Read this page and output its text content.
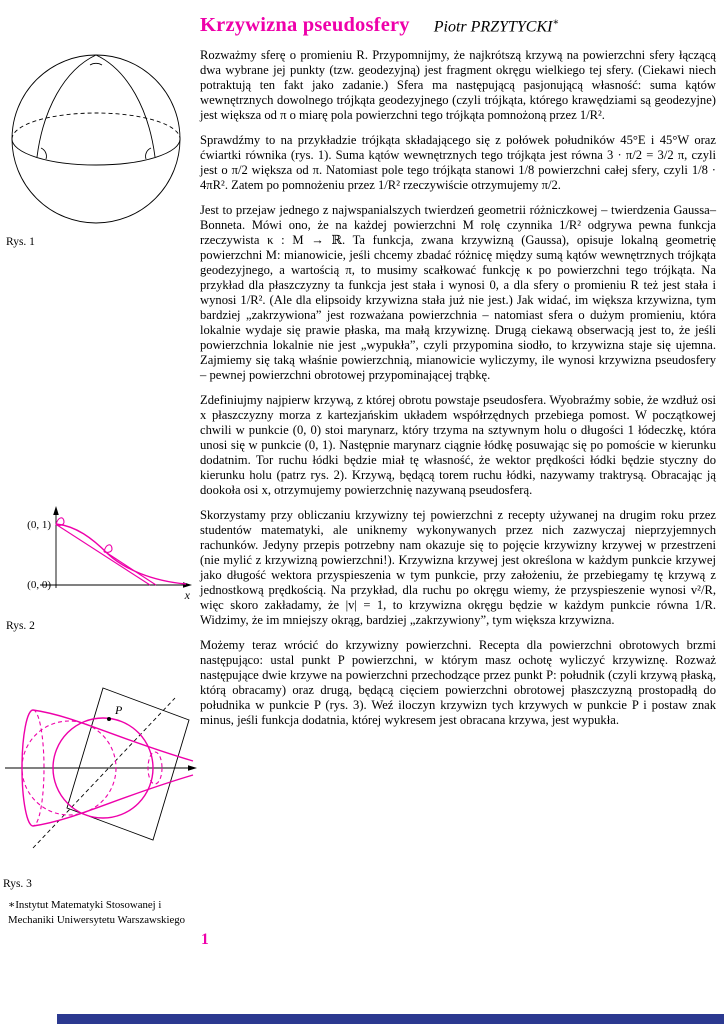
Rys. 1
(0, 1)
(0, 0)
x
Rys. 2
P
Rys. 3
Krzywizna pseudosfery Piotr PRZYTYCKI∗

Rozważmy sferę o promieniu R. Przypomnijmy, że najkrótszą krzywą na powierzchni sfery łączącą dwa wybrane jej punkty (tzw. geodezyjną) jest fragment okręgu wielkiego tej sfery. (Ciekawi niech potraktują ten fakt jako zadanie.) Sfera ma następującą pasjonującą własność: suma kątów wewnętrznych dowolnego trójkąta geodezyjnego (czyli trójkąta, którego krawędziami są geodezyjne) jest większa od π o miarę pola powierzchni tego trójkąta pomnożoną przez 1/R².

Sprawdźmy to na przykładzie trójkąta składającego się z połówek południków 45°E i 45°W oraz ćwiartki równika (rys. 1). Suma kątów wewnętrznych tego trójkąta jest równa 3 · π/2 = 3/2 π, czyli jest o π/2 większa od π. Natomiast pole tego trójkąta stanowi 1/8 powierzchni całej sfery, czyli 1/8 · 4πR². Zatem po pomnożeniu przez 1/R² rzeczywiście otrzymujemy π/2.

Jest to przejaw jednego z najwspanialszych twierdzeń geometrii różniczkowej – twierdzenia Gaussa–Bonneta. Mówi ono, że na każdej powierzchni M rolę czynnika 1/R² odgrywa pewna funkcja rzeczywista κ : M → ℝ. Ta funkcja, zwana krzywizną (Gaussa), opisuje lokalną geometrię powierzchni M: mianowicie, jeśli chcemy zbadać różnicę między sumą kątów wewnętrznych trójkąta geodezyjnego, a wartością π, to musimy scałkować funkcję κ po powierzchni tego trójkąta. Na przykład dla płaszczyzny ta funkcja jest stała i wynosi 0, a dla sfery o promieniu R też jest stała i wynosi 1/R². (Ale dla elipsoidy krzywizna stała już nie jest.) Jak widać, im większa krzywizna, tym bardziej „zakrzywiona” jest rozważana powierzchnia – natomiast sfera o dużym promieniu, która lokalnie wydaje się prawie płaska, ma małą krzywiznę. Drugą ciekawą obserwacją jest to, że jeśli powierzchnia lokalnie nie jest „wypukła”, czyli przypomina siodło, to krzywizna staje się ujemna. Zajmiemy się taką właśnie powierzchnią, mianowicie wyliczymy, ile wynosi krzywizna pseudosfery – pewnej powierzchni obrotowej przypominającej trąbkę.

Zdefiniujmy najpierw krzywą, z której obrotu powstaje pseudosfera. Wyobraźmy sobie, że wzdłuż osi x płaszczyzny morza z kartezjańskim układem współrzędnych przebiega pomost. W początkowej chwili w punkcie (0, 0) stoi marynarz, który trzyma na sztywnym holu o długości 1 łódeczkę, która unosi się w punkcie (0, 1). Następnie marynarz ciągnie łódkę posuwając się po pomoście w kierunku dodatnim. Tor ruchu łódki będzie miał tę własność, że wektor prędkości łódki będzie styczny do kierunku holu (patrz rys. 2). Krzywą, będącą torem ruchu łódki, nazywamy traktrysą. Obracając ją dookoła osi x, otrzymujemy powierzchnię nazywaną pseudosferą.

Skorzystamy przy obliczaniu krzywizny tej powierzchni z recepty używanej na drugim roku przez studentów matematyki, ale uniknemy wykonywanych przez nich zazwyczaj nieprzyjemnych rachunków. Jedyny przepis potrzebny nam okazuje się to pojęcie krzywizny krzywej w przestrzeni (nie mylić z krzywizną powierzchni!). Krzywizna krzywej jest określona w każdym punkcie krzywej jako długość wektora przyspieszenia w tym punkcie, przy założeniu, że przebiegamy tę krzywą z jednostkową prędkością. Na przykład, dla ruchu po okręgu wiemy, że przyspieszenie wynosi v²/R, więc skoro zakładamy, że |v| = 1, to krzywizna okręgu będzie w każdym punkcie równa 1/R. Widzimy, że im mniejszy okrąg, bardziej „zakrzywiony”, tym większa krzywizna.

Możemy teraz wrócić do krzywizny powierzchni. Recepta dla powierzchni obrotowych brzmi następująco: ustal punkt P powierzchni, w którym masz ochotę wyliczyć krzywiznę. Rozważ następujące dwie krzywe na powierzchni przechodzące przez punkt P: południk (czyli krzywą płaską, którą obracamy) oraz drugą, będącą cięciem powierzchni obrotowej płaszczyzną prostopadłą do południka w punkcie P (rys. 3). Weź iloczyn krzywizn tych krzywych w punkcie P i postaw znak minus, jeśli funkcja dodatnia, której wykresem jest obracana krzywa, jest wypukła.

∗Instytut Matematyki Stosowanej i Mechaniki Uniwersytetu Warszawskiego
1
